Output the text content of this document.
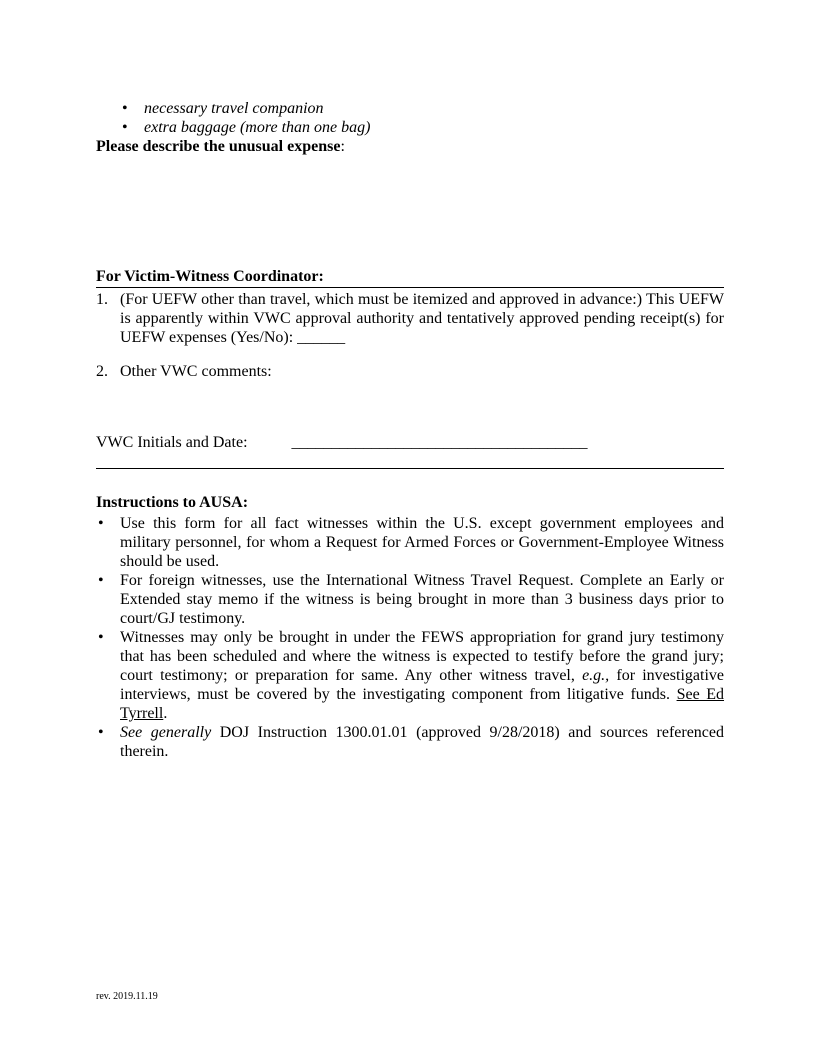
• necessary travel companion
• extra baggage (more than one bag)

Please describe the unusual expense:

For Victim-Witness Coordinator:
1. (For UEFW other than travel, which must be itemized and approved in advance:) This UEFW is apparently within VWC approval authority and tentatively approved pending receipt(s) for UEFW expenses (Yes/No): ______
2. Other VWC comments:

VWC Initials and Date:	_____________________________________

Instructions to AUSA:
• Use this form for all fact witnesses within the U.S. except government employees and military personnel, for whom a Request for Armed Forces or Government-Employee Witness should be used.
• For foreign witnesses, use the International Witness Travel Request. Complete an Early or Extended stay memo if the witness is being brought in more than 3 business days prior to court/GJ testimony.
• Witnesses may only be brought in under the FEWS appropriation for grand jury testimony that has been scheduled and where the witness is expected to testify before the grand jury; court testimony; or preparation for same. Any other witness travel, e.g., for investigative interviews, must be covered by the investigating component from litigative funds. See Ed Tyrrell.
• See generally DOJ Instruction 1300.01.01 (approved 9/28/2018) and sources referenced therein.
rev. 2019.11.19
